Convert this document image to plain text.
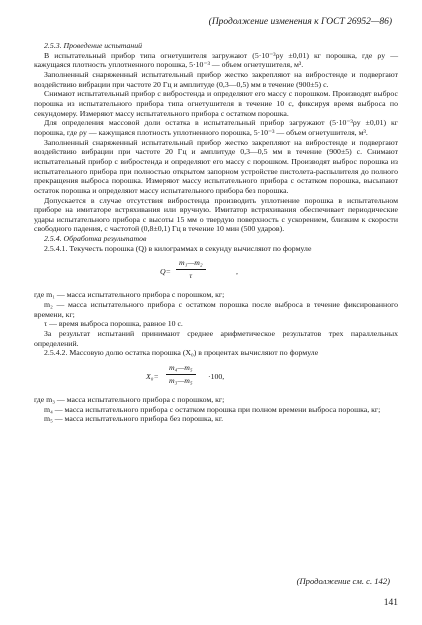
(Продолжение изменения к ГОСТ 26952—86)

2.5.3. Проведение испытаний

В испытательный прибор типа огнетушителя загружают (5·10⁻³ρy ±0,01) кг порошка, где ρy — кажущаяся плотность уплотненного порошка, 5·10⁻³ — объем огнетушителя, м³.

Заполненный снаряженный испытательный прибор жестко закрепляют на вибростенде и подвергают воздействию вибрации при частоте 20 Гц и амплитуде (0,3—0,5) мм в течение (900±5) с.

Снимают испытательный прибор с вибростенда и определяют его массу с порошком. Производят выброс порошка из испытательного прибора типа огнетушителя в течение 10 с, фиксируя время выброса по секундомеру. Измеряют массу испытательного прибора с остатком порошка.

Для определения массовой доли остатка в испытательный прибор загружают (5·10⁻³ρy ±0,01) кг порошка, где ρy — кажущаяся плотность уплотненного порошка, 5·10⁻³ — объем огнетушителя, м³.

Заполненный снаряженный испытательный прибор жестко закрепляют на вибростенде и подвергают воздействию вибрации при частоте 20 Гц и амплитуде 0,3—0,5 мм в течение (900±5) с. Снимают испытательный прибор с вибростенда и определяют его массу с порошком. Производят выброс порошка из испытательного прибора при полностью открытом запорном устройстве пистолета-распылителя до полного прекращения выброса порошка. Измеряют массу испытательного прибора с остатком порошка, высыпают остаток порошка и определяют массу испытательного прибора без порошка.

Допускается в случае отсутствия вибростенда производить уплотнение порошка в испытательном приборе на имитаторе встряхивания или вручную. Имитатор встряхивания обеспечивает периодические удары испытательного прибора с высоты 15 мм о твердую поверхность с ускорением, близким к скорости свободного падения, с частотой (0,8±0,1) Гц в течение 10 мин (500 ударов).

2.5.4. Обработка результатов

2.5.4.1. Текучесть порошка (Q) в килограммах в секунду вычисляют по формуле

$Q= \frac{\text{m₁—m₂}}{\tau}$	,

где m₁ — масса испытательного прибора с порошком, кг;

m₂ — масса испытательного прибора с остатком порошка после выброса в течение фиксированного времени, кг;

τ — время выброса порошка, равное 10 с.

За результат испытаний принимают среднее арифметическое результатов трех параллельных определений.

2.5.4.2. Массовую долю остатка порошка (X₀) в процентах вычисляют по формуле

$X_0= \frac{\text{m₄—m₅}}{\text{m₃—m₅}} \cdot 100$,

где m₃ — масса испытательного прибора с порошком, кг;

m₄ — масса испытательного прибора с остатком порошка при полном времени выброса порошка, кг;

m₅ — масса испытательного прибора без порошка, кг.

(Продолжение см. с. 142)
141
